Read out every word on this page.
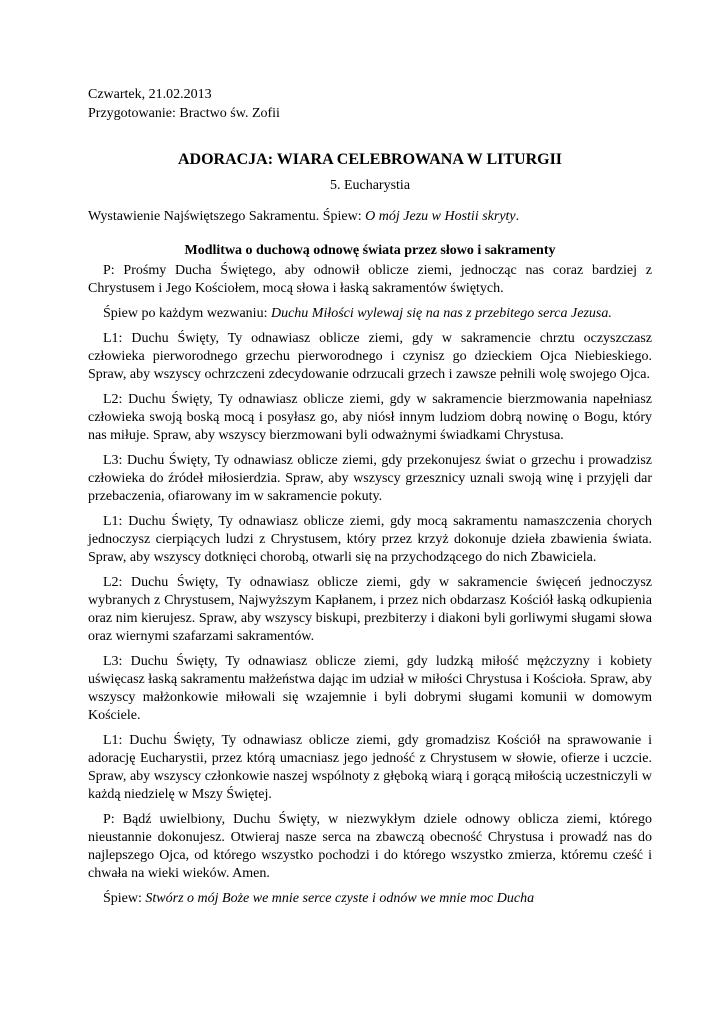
Czwartek, 21.02.2013
Przygotowanie: Bractwo św. Zofii
ADORACJA: WIARA CELEBROWANA W LITURGII
5. Eucharystia

Wystawienie Najświętszego Sakramentu. Śpiew: O mój Jezu w Hostii skryty.

Modlitwa o duchową odnowę świata przez słowo i sakramenty

P: Prośmy Ducha Świętego, aby odnowił oblicze ziemi, jednocząc nas coraz bardziej z Chrystusem i Jego Kościołem, mocą słowa i łaską sakramentów świętych.

Śpiew po każdym wezwaniu: Duchu Miłości wylewaj się na nas z przebitego serca Jezusa.

L1: Duchu Święty, Ty odnawiasz oblicze ziemi, gdy w sakramencie chrztu oczyszczasz człowieka pierworodnego grzechu pierworodnego i czynisz go dzieckiem Ojca Niebieskiego. Spraw, aby wszyscy ochrzczeni zdecydowanie odrzucali grzech i zawsze pełnili wolę swojego Ojca.

L2: Duchu Święty, Ty odnawiasz oblicze ziemi, gdy w sakramencie bierzmowania napełniasz człowieka swoją boską mocą i posyłasz go, aby niósł innym ludziom dobrą nowinę o Bogu, który nas miłuje. Spraw, aby wszyscy bierzmowani byli odważnymi świadkami Chrystusa.

L3: Duchu Święty, Ty odnawiasz oblicze ziemi, gdy przekonujesz świat o grzechu i prowadzisz człowieka do źródeł miłosierdzia. Spraw, aby wszyscy grzesznicy uznali swoją winę i przyjęli dar przebaczenia, ofiarowany im w sakramencie pokuty.

L1: Duchu Święty, Ty odnawiasz oblicze ziemi, gdy mocą sakramentu namaszczenia chorych jednoczysz cierpiących ludzi z Chrystusem, który przez krzyż dokonuje dzieła zbawienia świata. Spraw, aby wszyscy dotknięci chorobą, otwarli się na przychodzącego do nich Zbawiciela.

L2: Duchu Święty, Ty odnawiasz oblicze ziemi, gdy w sakramencie święceń jednoczysz wybranych z Chrystusem, Najwyższym Kapłanem, i przez nich obdarzasz Kościół łaską odkupienia oraz nim kierujesz. Spraw, aby wszyscy biskupi, prezbiterzy i diakoni byli gorliwymi sługami słowa oraz wiernymi szafarzami sakramentów.

L3: Duchu Święty, Ty odnawiasz oblicze ziemi, gdy ludzką miłość mężczyzny i kobiety uświęcasz łaską sakramentu małżeństwa dając im udział w miłości Chrystusa i Kościoła. Spraw, aby wszyscy małżonkowie miłowali się wzajemnie i byli dobrymi sługami komunii w domowym Kościele.

L1: Duchu Święty, Ty odnawiasz oblicze ziemi, gdy gromadzisz Kościół na sprawowanie i adorację Eucharystii, przez którą umacniasz jego jedność z Chrystusem w słowie, ofierze i uczcie. Spraw, aby wszyscy członkowie naszej wspólnoty z głęboką wiarą i gorącą miłością uczestniczyli w każdą niedzielę w Mszy Świętej.

P: Bądź uwielbiony, Duchu Święty, w niezwykłym dziele odnowy oblicza ziemi, którego nieustannie dokonujesz. Otwieraj nasze serca na zbawczą obecność Chrystusa i prowadź nas do najlepszego Ojca, od którego wszystko pochodzi i do którego wszystko zmierza, któremu cześć i chwała na wieki wieków. Amen.

Śpiew: Stwórz o mój Boże we mnie serce czyste i odnów we mnie moc Ducha
